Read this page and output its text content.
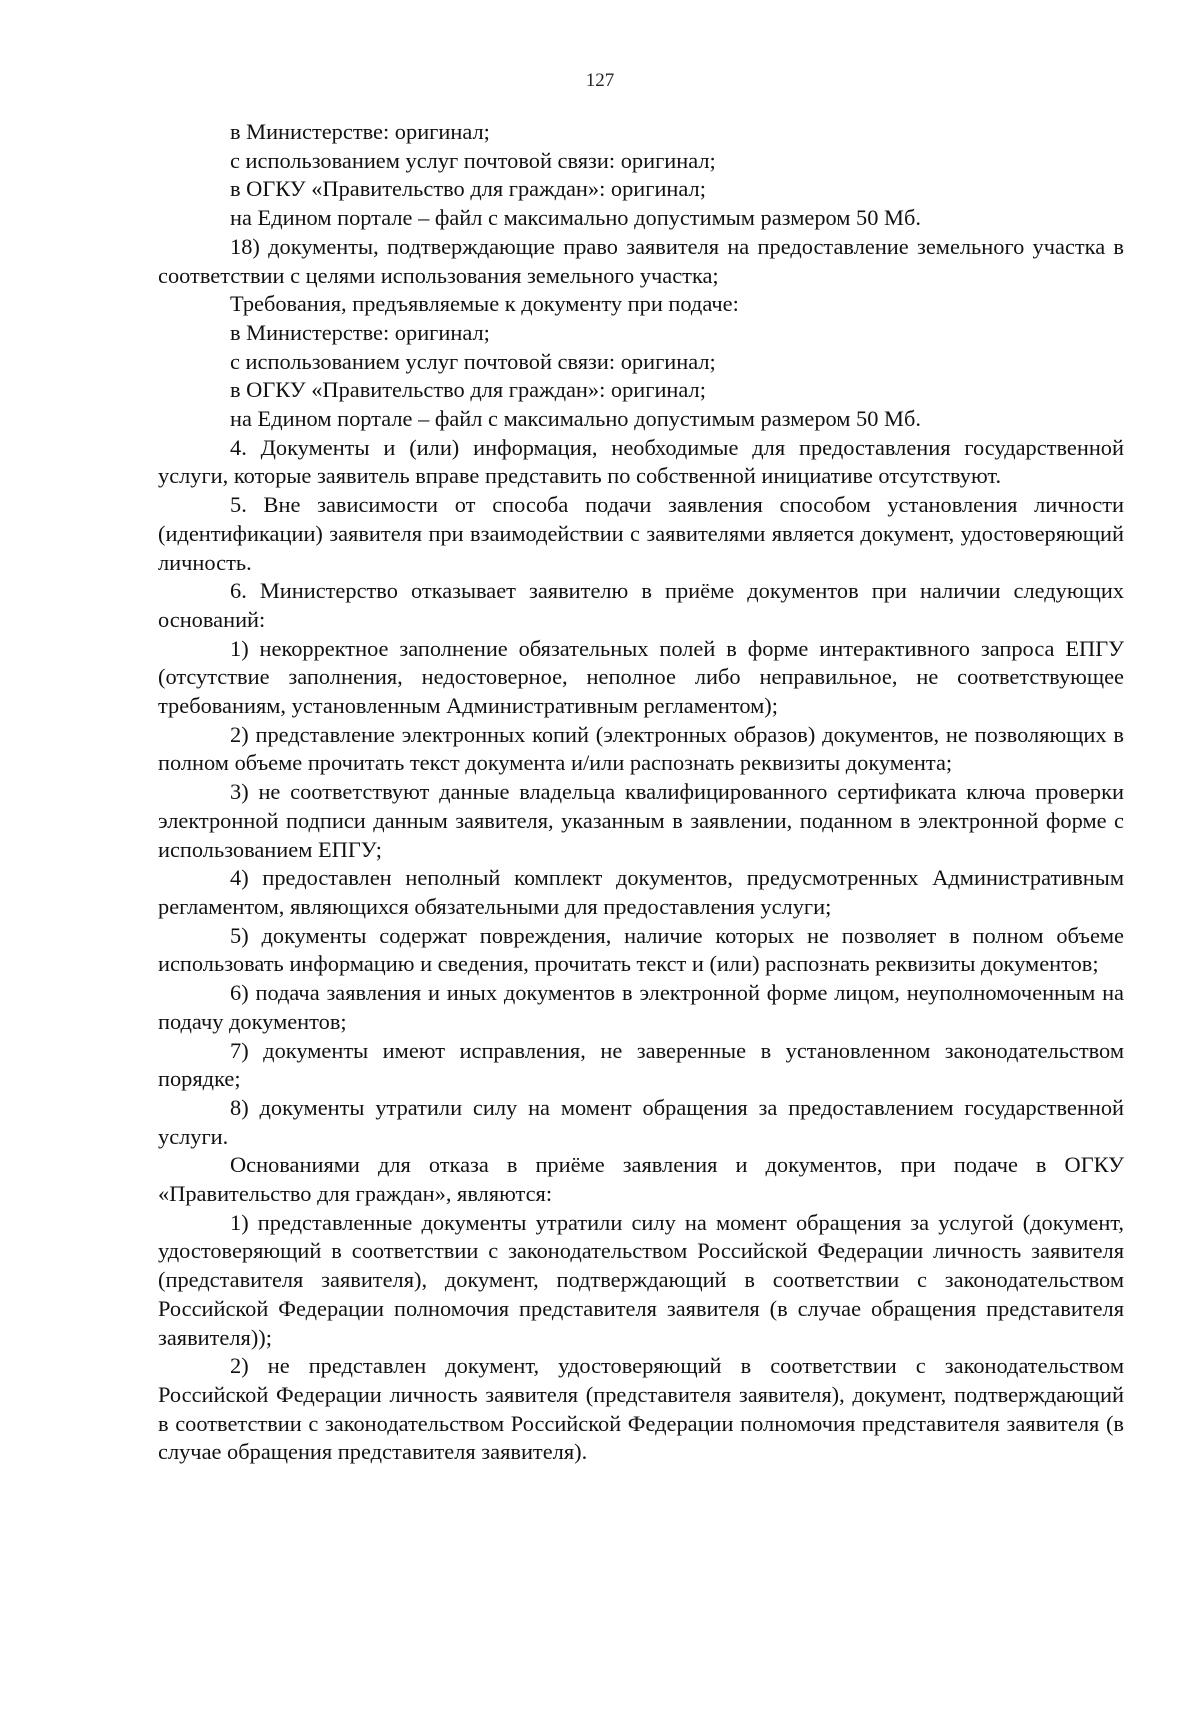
127

в Министерстве: оригинал;

с использованием услуг почтовой связи: оригинал;

в ОГКУ «Правительство для граждан»: оригинал;

на Едином портале – файл с максимально допустимым размером 50 Мб.

18) документы, подтверждающие право заявителя на предоставление земельного участка в соответствии с целями использования земельного участка;

Требования, предъявляемые к документу при подаче:

в Министерстве: оригинал;

с использованием услуг почтовой связи: оригинал;

в ОГКУ «Правительство для граждан»: оригинал;

на Едином портале – файл с максимально допустимым размером 50 Мб.

4. Документы и (или) информация, необходимые для предоставления государственной услуги, которые заявитель вправе представить по собственной инициативе отсутствуют.

5. Вне зависимости от способа подачи заявления способом установления личности (идентификации) заявителя при взаимодействии с заявителями является документ, удостоверяющий личность.

6. Министерство отказывает заявителю в приёме документов при наличии следующих оснований:

1) некорректное заполнение обязательных полей в форме интерактивного запроса ЕПГУ (отсутствие заполнения, недостоверное, неполное либо неправильное, не соответствующее требованиям, установленным Административным регламентом);

2) представление электронных копий (электронных образов) документов, не позволяющих в полном объеме прочитать текст документа и/или распознать реквизиты документа;

3) не соответствуют данные владельца квалифицированного сертификата ключа проверки электронной подписи данным заявителя, указанным в заявлении, поданном в электронной форме с использованием ЕПГУ;

4) предоставлен неполный комплект документов, предусмотренных Административным регламентом, являющихся обязательными для предоставления услуги;

5) документы содержат повреждения, наличие которых не позволяет в полном объеме использовать информацию и сведения, прочитать текст и (или) распознать реквизиты документов;

6) подача заявления и иных документов в электронной форме лицом, неуполномоченным на подачу документов;

7) документы имеют исправления, не заверенные в установленном законодательством порядке;

8) документы утратили силу на момент обращения за предоставлением государственной услуги.

Основаниями для отказа в приёме заявления и документов, при подаче в ОГКУ «Правительство для граждан», являются:

1) представленные документы утратили силу на момент обращения за услугой (документ, удостоверяющий в соответствии с законодательством Российской Федерации личность заявителя (представителя заявителя), документ, подтверждающий в соответствии с законодательством Российской Федерации полномочия представителя заявителя (в случае обращения представителя заявителя));

2) не представлен документ, удостоверяющий в соответствии с законодательством Российской Федерации личность заявителя (представителя заявителя), документ, подтверждающий в соответствии с законодательством Российской Федерации полномочия представителя заявителя (в случае обращения представителя заявителя).
